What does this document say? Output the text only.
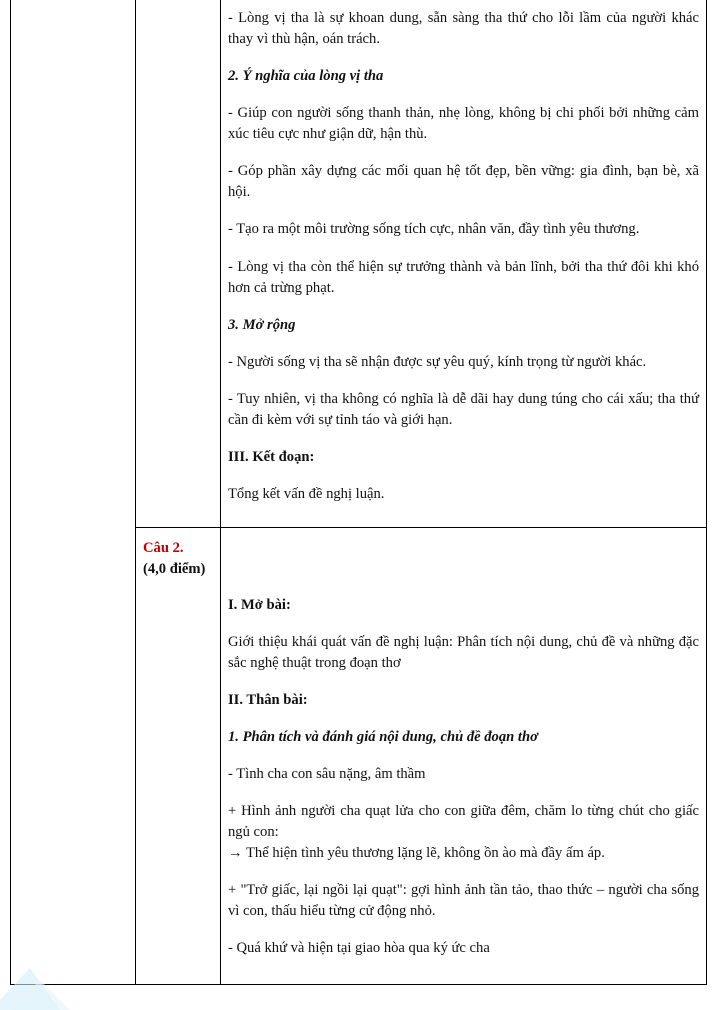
- Lòng vị tha là sự khoan dung, sẵn sàng tha thứ cho lỗi lầm của người khác thay vì thù hận, oán trách.
2. Ý nghĩa của lòng vị tha
- Giúp con người sống thanh thản, nhẹ lòng, không bị chi phối bởi những cảm xúc tiêu cực như giận dữ, hận thù.
- Góp phần xây dựng các mối quan hệ tốt đẹp, bền vững: gia đình, bạn bè, xã hội.
- Tạo ra một môi trường sống tích cực, nhân văn, đầy tình yêu thương.
- Lòng vị tha còn thể hiện sự trưởng thành và bản lĩnh, bởi tha thứ đôi khi khó hơn cả trừng phạt.
3. Mở rộng
- Người sống vị tha sẽ nhận được sự yêu quý, kính trọng từ người khác.
- Tuy nhiên, vị tha không có nghĩa là dễ dãi hay dung túng cho cái xấu; tha thứ cần đi kèm với sự tỉnh táo và giới hạn.
III. Kết đoạn:
Tổng kết vấn đề nghị luận.
Câu 2.
(4,0 điểm)
I. Mở bài:
Giới thiệu khái quát vấn đề nghị luận: Phân tích nội dung, chủ đề và những đặc sắc nghệ thuật trong đoạn thơ
II. Thân bài:
1. Phân tích và đánh giá nội dung, chủ đề đoạn thơ
- Tình cha con sâu nặng, âm thầm
+ Hình ảnh người cha quạt lửa cho con giữa đêm, chăm lo từng chút cho giấc ngủ con:
→ Thể hiện tình yêu thương lặng lẽ, không ồn ào mà đầy ấm áp.
+ "Trở giấc, lại ngồi lại quạt": gợi hình ảnh tần tảo, thao thức – người cha sống vì con, thấu hiểu từng cử động nhỏ.
- Quá khứ và hiện tại giao hòa qua ký ức cha
